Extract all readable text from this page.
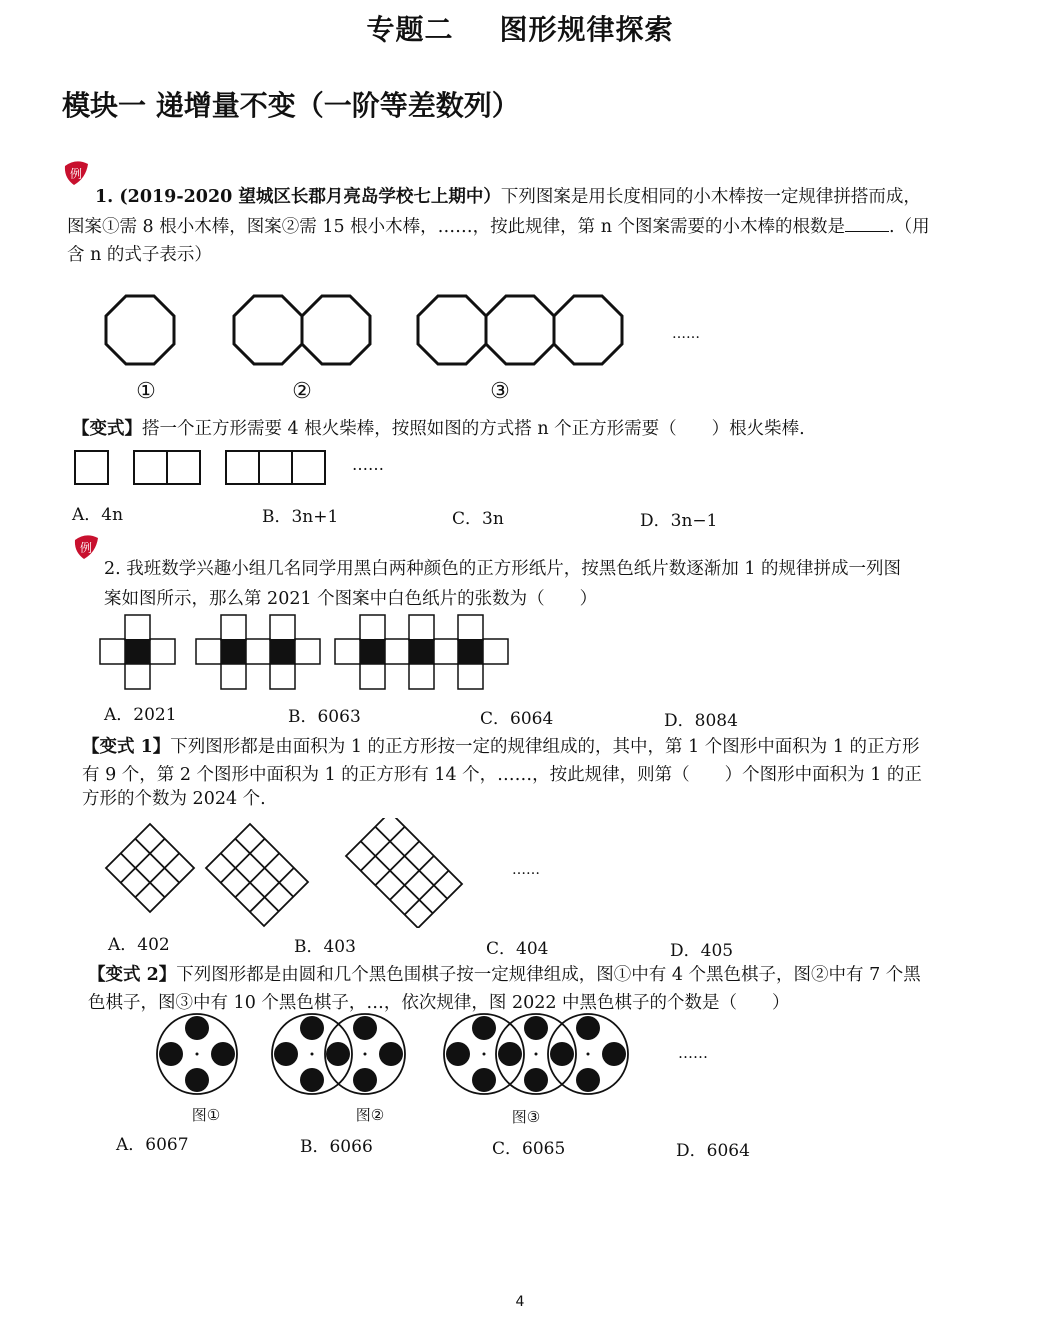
专题二 图形规律探索
模块一 递增量不变（一阶等差数列）
例
1. (2019-2020 望城区长郡月亮岛学校七上期中）下列图案是用长度相同的小木棒按一定规律拼搭而成，
图案①需 8 根小木棒，图案②需 15 根小木棒，……，按此规律，第 n 个图案需要的小木棒的根数是	.（用
含 n 的式子表示）
……
①	②	③
【变式】搭一个正方形需要 4 根火柴棒，按照如图的方式搭 n 个正方形需要（　　）根火柴棒.
……
A．4n	B．3n+1	C．3n	D．3n−1
例
2. 我班数学兴趣小组几名同学用黑白两种颜色的正方形纸片，按黑色纸片数逐渐加 1 的规律拼成一列图
案如图所示，那么第 2021 个图案中白色纸片的张数为（　　）
A．2021	B．6063	C．6064	D．8084
【变式 1】下列图形都是由面积为 1 的正方形按一定的规律组成的，其中，第 1 个图形中面积为 1 的正方形
有 9 个，第 2 个图形中面积为 1 的正方形有 14 个，……，按此规律，则第（　　）个图形中面积为 1 的正
方形的个数为 2024 个.
……
A．402	B．403	C．404	D．405
【变式 2】下列图形都是由圆和几个黑色围棋子按一定规律组成，图①中有 4 个黑色棋子，图②中有 7 个黑
色棋子，图③中有 10 个黑色棋子，…，依次规律，图 2022 中黑色棋子的个数是（　　）
……
图①	图②	图③
A．6067	B．6066	C．6065	D．6064
4
